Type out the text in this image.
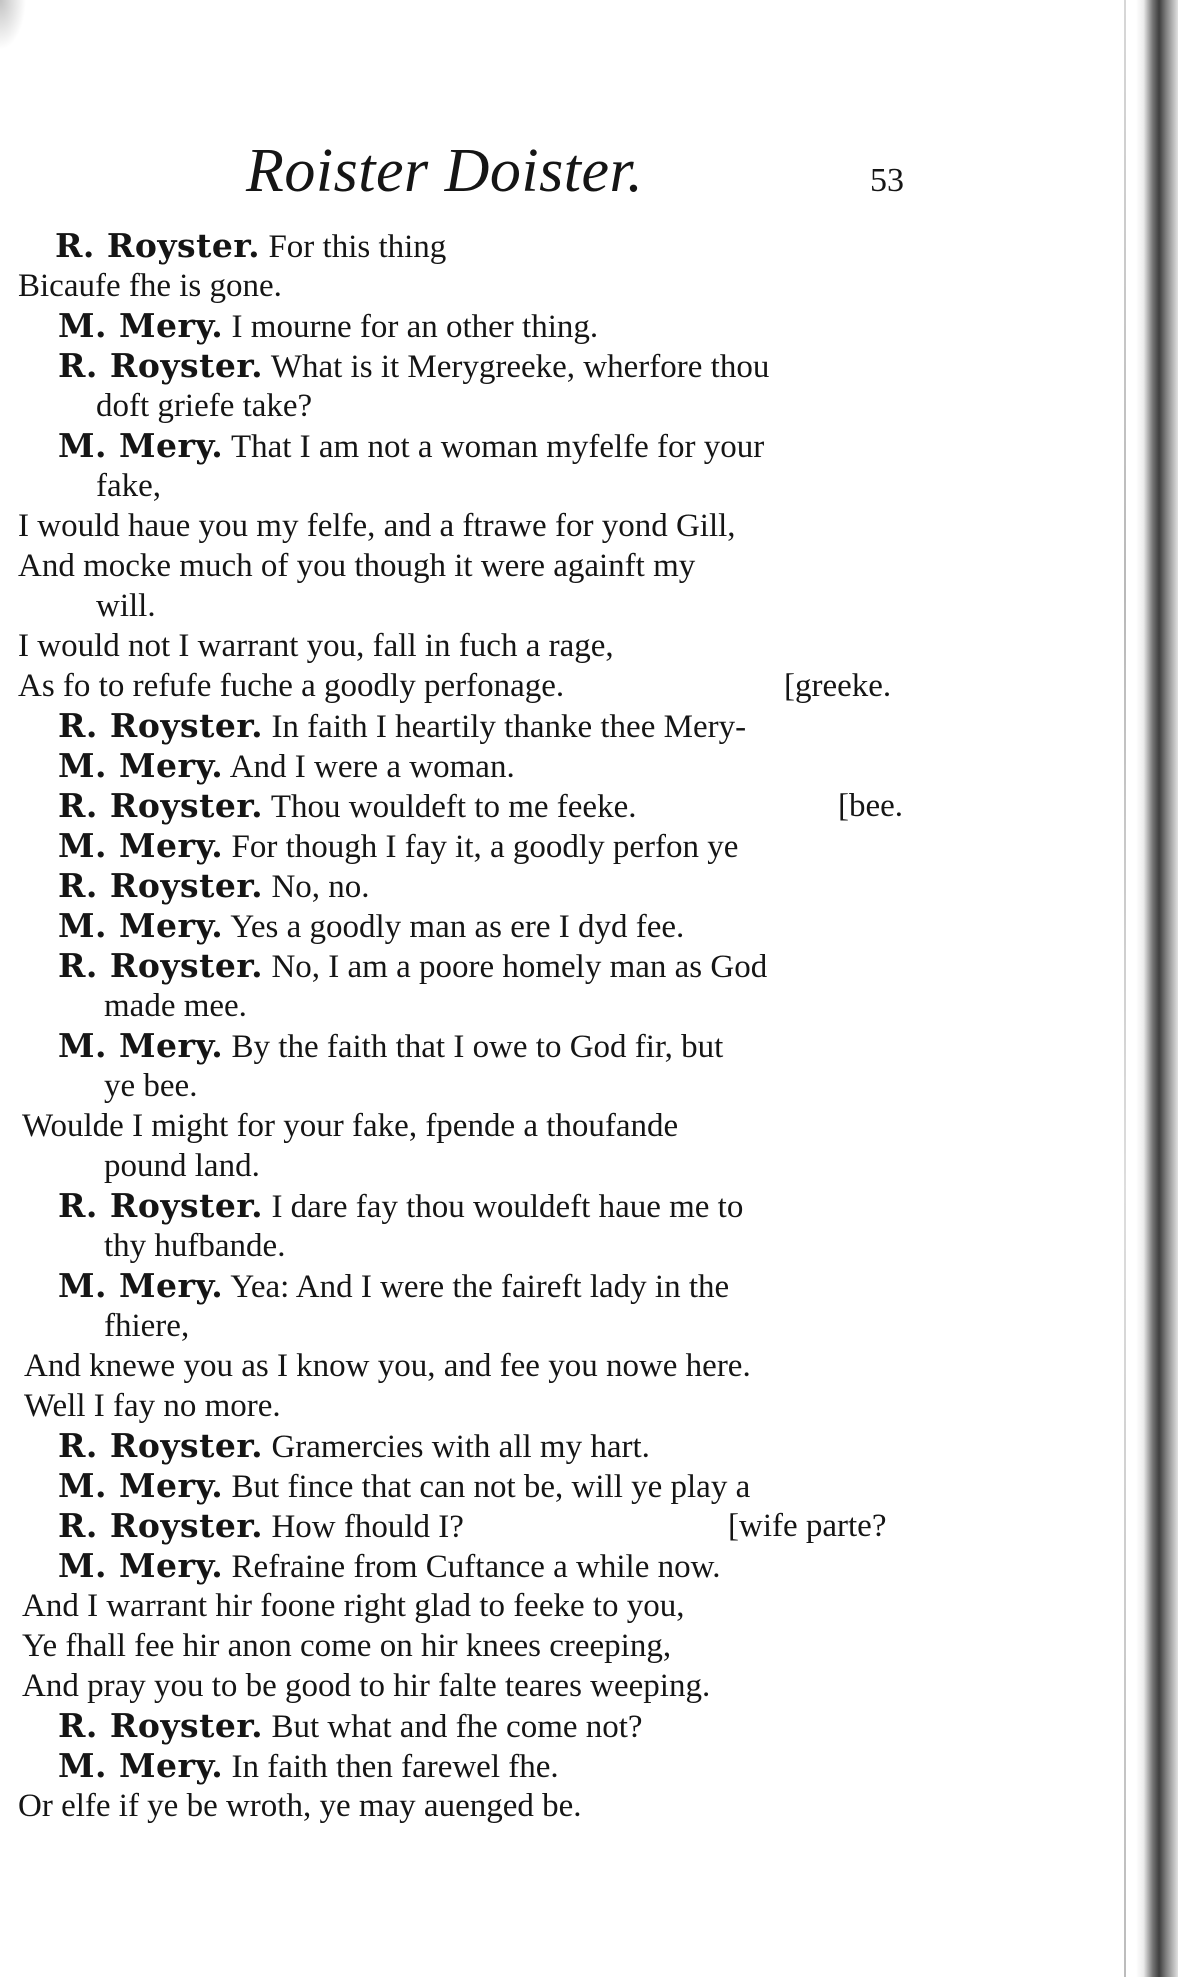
Roister Doister.	53
R. Royster. For this thing
Bicaufe fhe is gone.
M. Mery. I mourne for an other thing.
R. Royster. What is it Merygreeke, wherfore thou
doft griefe take?
M. Mery. That I am not a woman myfelfe for your
fake,
I would haue you my felfe, and a ftrawe for yond Gill,
And mocke much of you though it were againft my
will.
I would not I warrant you, fall in fuch a rage,
As fo to refufe fuche a goodly perfonage.	[greeke.
R. Royster. In faith I heartily thanke thee Mery-
M. Mery. And I were a woman.
R. Royster. Thou wouldeft to me feeke.	[bee.
M. Mery. For though I fay it, a goodly perfon ye
R. Royster. No, no.
M. Mery. Yes a goodly man as ere I dyd fee.
R. Royster. No, I am a poore homely man as God
made mee.
M. Mery. By the faith that I owe to God fir, but
ye bee.
Woulde I might for your fake, fpende a thoufande
pound land.
R. Royster. I dare fay thou wouldeft haue me to
thy hufbande.
M. Mery. Yea: And I were the faireft lady in the
fhiere,
And knewe you as I know you, and fee you nowe here.
Well I fay no more.
R. Royster. Gramercies with all my hart.
M. Mery. But fince that can not be, will ye play a
R. Royster. How fhould I?	[wife parte?
M. Mery. Refraine from Cuftance a while now.
And I warrant hir foone right glad to feeke to you,
Ye fhall fee hir anon come on hir knees creeping,
And pray you to be good to hir falte teares weeping.
R. Royster. But what and fhe come not?
M. Mery. In faith then farewel fhe.
Or elfe if ye be wroth, ye may auenged be.
